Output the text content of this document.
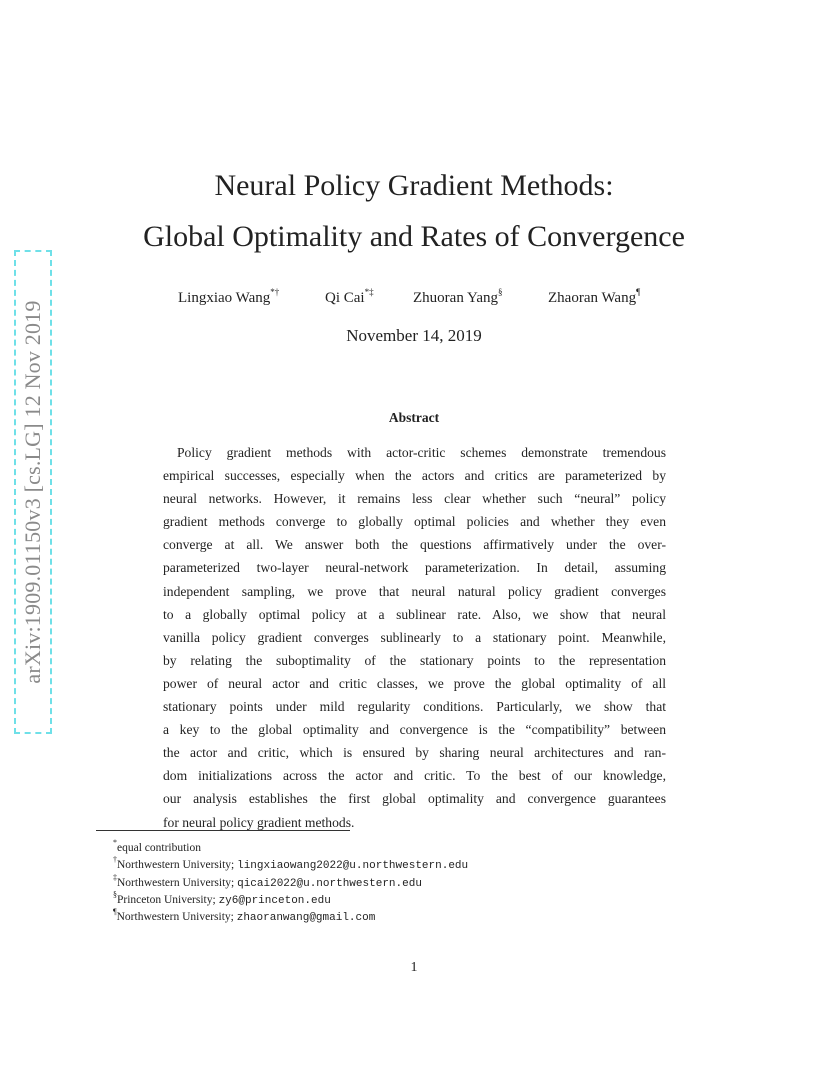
arXiv:1909.01150v3 [cs.LG] 12 Nov 2019
Neural Policy Gradient Methods:
Global Optimality and Rates of Convergence
Lingxiao Wang*†	Qi Cai*‡	Zhuoran Yang§	Zhaoran Wang¶
November 14, 2019
Abstract
Policy gradient methods with actor-critic schemes demonstrate tremendous
empirical successes, especially when the actors and critics are parameterized by
neural networks. However, it remains less clear whether such “neural” policy
gradient methods converge to globally optimal policies and whether they even
converge at all. We answer both the questions affirmatively under the over-
parameterized two-layer neural-network parameterization. In detail, assuming
independent sampling, we prove that neural natural policy gradient converges
to a globally optimal policy at a sublinear rate. Also, we show that neural
vanilla policy gradient converges sublinearly to a stationary point. Meanwhile,
by relating the suboptimality of the stationary points to the representation
power of neural actor and critic classes, we prove the global optimality of all
stationary points under mild regularity conditions. Particularly, we show that
a key to the global optimality and convergence is the “compatibility” between
the actor and critic, which is ensured by sharing neural architectures and ran-
dom initializations across the actor and critic. To the best of our knowledge,
our analysis establishes the first global optimality and convergence guarantees
for neural policy gradient methods.
*equal contribution
†Northwestern University; lingxiaowang2022@u.northwestern.edu
‡Northwestern University; qicai2022@u.northwestern.edu
§Princeton University; zy6@princeton.edu
¶Northwestern University; zhaoranwang@gmail.com
1
